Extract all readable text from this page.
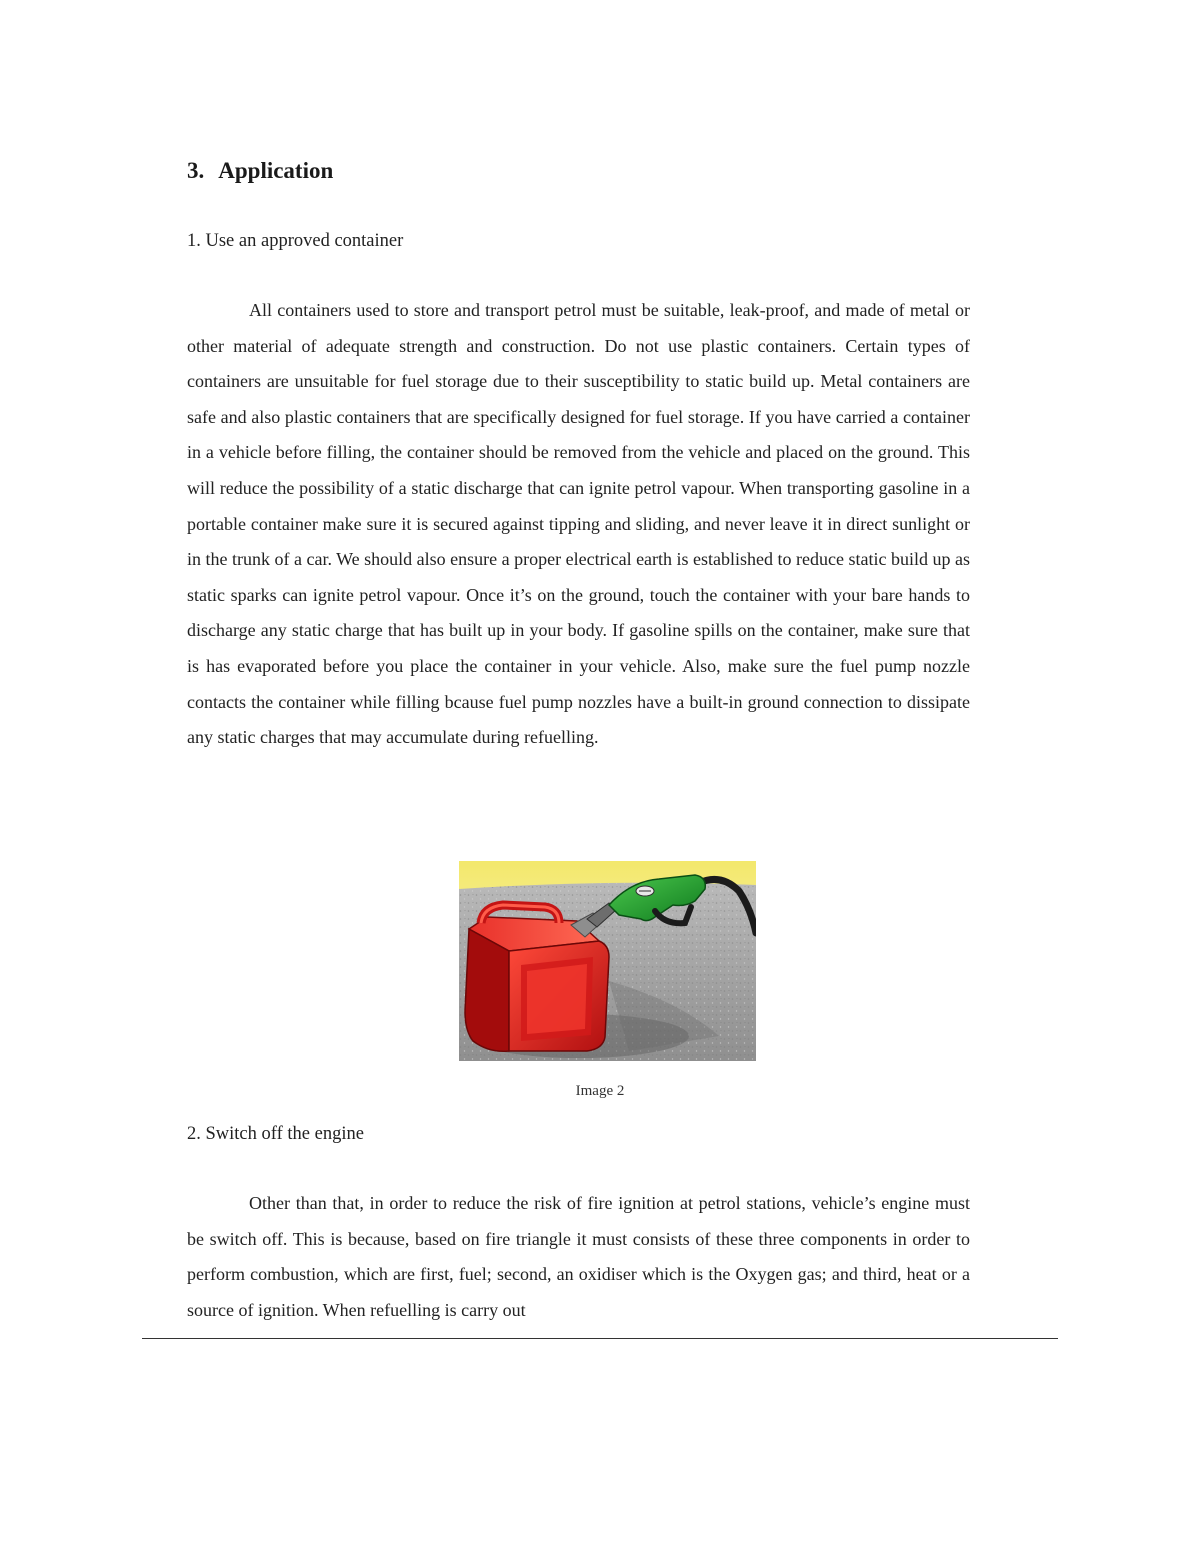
3. Application

1. Use an approved container

All containers used to store and transport petrol must be suitable, leak-proof, and made of metal or other material of adequate strength and construction. Do not use plastic containers. Certain types of containers are unsuitable for fuel storage due to their susceptibility to static build up. Metal containers are safe and also plastic containers that are specifically designed for fuel storage. If you have carried a container in a vehicle before filling, the container should be removed from the vehicle and placed on the ground. This will reduce the possibility of a static discharge that can ignite petrol vapour. When transporting gasoline in a portable container make sure it is secured against tipping and sliding, and never leave it in direct sunlight or in the trunk of a car. We should also ensure a proper electrical earth is established to reduce static build up as static sparks can ignite petrol vapour. Once it’s on the ground, touch the container with your bare hands to discharge any static charge that has built up in your body. If gasoline spills on the container, make sure that is has evaporated before you place the container in your vehicle. Also, make sure the fuel pump nozzle contacts the container while filling bcause fuel pump nozzles have a built-in ground connection to dissipate any static charges that may accumulate during refuelling.

Image 2

2. Switch off the engine

Other than that, in order to reduce the risk of fire ignition at petrol stations, vehicle’s engine must be switch off. This is because, based on fire triangle it must consists of these three components in order to perform combustion, which are first, fuel; second, an oxidiser which is the Oxygen gas; and third, heat or a source of ignition. When refuelling is carry out
